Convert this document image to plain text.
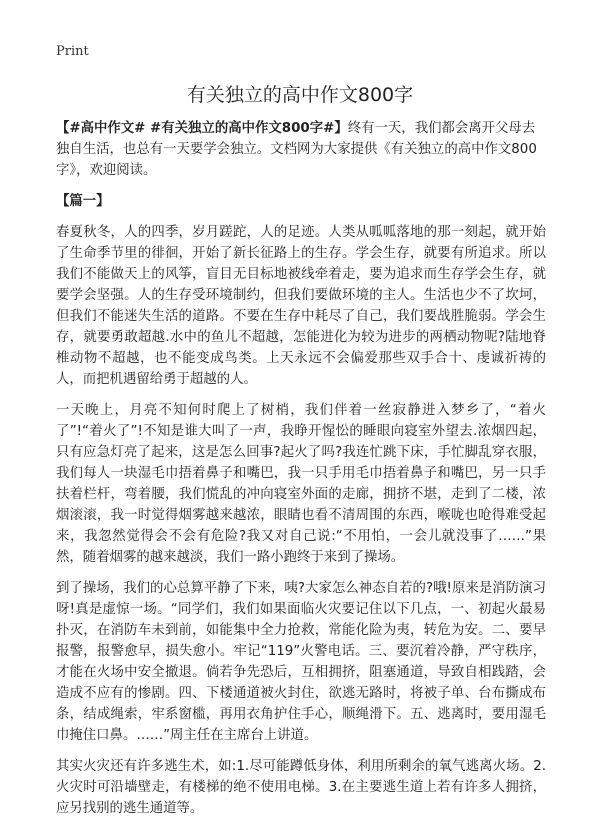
Print
有关独立的高中作文800字

【#高中作文# #有关独立的高中作文800字#】终有一天，我们都会离开父母去独自生活，也总有一天要学会独立。文档网为大家提供《有关独立的高中作文800字》，欢迎阅读。

【篇一】

春夏秋冬，人的四季，岁月蹉跎，人的足迹。人类从呱呱落地的那一刻起，就开始了生命季节里的徘徊，开始了新长征路上的生存。学会生存，就要有所追求。所以我们不能做天上的风筝，盲目无目标地被线牵着走，要为追求而生存学会生存，就要学会坚强。人的生存受环境制约，但我们要做环境的主人。生活也少不了坎坷，但我们不能迷失生活的道路。不要在生存中耗尽了自己，我们要战胜脆弱。学会生存，就要勇敢超越.水中的鱼儿不超越，怎能进化为较为进步的两栖动物呢?陆地脊椎动物不超越，也不能变成鸟类。上天永远不会偏爱那些双手合十、虔诚祈祷的人，而把机遇留给勇于超越的人。

一天晚上，月亮不知何时爬上了树梢，我们伴着一丝寂静进入梦乡了，“着火了”!“着火了”!不知是谁大叫了一声，我睁开惺忪的睡眼向寝室外望去.浓烟四起，只有应急灯亮了起来，这是怎么回事?起火了吗?我连忙跳下床，手忙脚乱穿衣服，我们每人一块湿毛巾捂着鼻子和嘴巴，我一只手用毛巾捂着鼻子和嘴巴，另一只手扶着栏杆，弯着腰，我们慌乱的冲向寝室外面的走廊，拥挤不堪，走到了二楼，浓烟滚滚，我一时觉得烟雾越来越浓，眼睛也看不清周围的东西，喉咙也呛得难受起来，我忽然觉得会不会有危险?我又对自己说:“不用怕，一会儿就没事了……”果然，随着烟雾的越来越淡，我们一路小跑终于来到了操场。

到了操场，我们的心总算平静了下来，咦?大家怎么神态自若的?哦!原来是消防演习呀!真是虚惊一场。“同学们，我们如果面临火灾要记住以下几点，一、初起火最易扑灭，在消防车未到前，如能集中全力抢救，常能化险为夷，转危为安。二、要早报警，报警愈早，损失愈小。牢记“119”火警电话。三、要沉着冷静，严守秩序，才能在火场中安全撤退。倘若争先恐后，互相拥挤，阻塞通道，导致自相践踏，会造成不应有的惨剧。四、下楼通道被火封住，欲逃无路时，将被子单、台布撕成布条，结成绳索，牢系窗槛，再用衣角护住手心，顺绳滑下。五、逃离时，要用湿毛巾掩住口鼻。……”周主任在主席台上讲道。

其实火灾还有许多逃生术，如:1.尽可能蹲低身体，利用所剩余的氧气逃离火场。2.火灾时可沿墙壁走，有楼梯的绝不使用电梯。3.在主要逃生道上若有许多人拥挤，应另找别的逃生通道等。
